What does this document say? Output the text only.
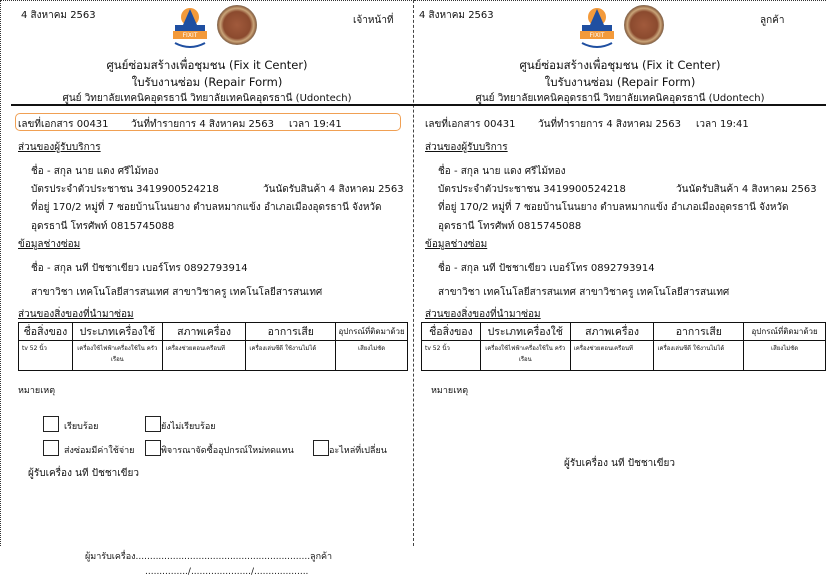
4 สิงหาคม 2563	เจ้าหน้าที่
FIXIT
ศูนย์ซ่อมสร้างเพื่อชุมชน (Fix it Center)
ใบรับงานซ่อม (Repair Form)
ศูนย์ วิทยาลัยเทคนิคอุดรธานี วิทยาลัยเทคนิคอุดรธานี (Udontech)
เลขที่เอกสาร 00431 วันที่ทำรายการ 4 สิงหาคม 2563 เวลา 19:41
ส่วนของผู้รับบริการ
ชื่อ - สกุล นาย แดง ศรีไม้ทอง
บัตรประจำตัวประชาชน 3419900524218	วันนัดรับสินค้า 4 สิงหาคม 2563
ที่อยู่ 170/2 หมู่ที่ 7 ซอยบ้านโนนยาง ตำบลหมากแข้ง อำเภอเมืองอุดรธานี จังหวัด
อุดรธานี โทรศัพท์ 0815745088
ข้อมูลช่างซ่อม
ชื่อ - สกุล นที ปัชชาเขียว เบอร์โทร 0892793914
สาขาวิชา เทคโนโลยีสารสนเทศ สาขาวิชาครู เทคโนโลยีสารสนเทศ
ส่วนของสิ่งของที่นำมาซ่อม
ชื่อสิ่งของ	ประเภทเครื่องใช้	สภาพเครื่อง	อาการเสีย	อุปกรณ์ที่ติดมาด้วย
tv 52 นิ้ว	เครื่องใช้ไฟฟ้าเครื่องใช้ใน ครัวเรือน	เครื่องช่วยตอนเครือนที	เครื่องเล่นซีดี ใช้งานไม่ได้	เสียงไม่ชัด
หมายเหตุ
เรียบร้อย	ยังไม่เรียบร้อย
ส่งซ่อมมีค่าใช้จ่าย	พิจารณาจัดซื้ออุปกรณ์ใหม่ทดแทน	อะไหล่ที่เปลี่ยน
ผู้รับเครื่อง นที ปัชชาเขียว
ผู้มารับเครื่อง.............................................................ลูกค้า
.............../...................../...................
4 สิงหาคม 2563	ลูกค้า
FIXIT
ศูนย์ซ่อมสร้างเพื่อชุมชน (Fix it Center)
ใบรับงานซ่อม (Repair Form)
ศูนย์ วิทยาลัยเทคนิคอุดรธานี วิทยาลัยเทคนิคอุดรธานี (Udontech)
เลขที่เอกสาร 00431 วันที่ทำรายการ 4 สิงหาคม 2563 เวลา 19:41
ส่วนของผู้รับบริการ
ชื่อ - สกุล นาย แดง ศรีไม้ทอง
บัตรประจำตัวประชาชน 3419900524218	วันนัดรับสินค้า 4 สิงหาคม 2563
ที่อยู่ 170/2 หมู่ที่ 7 ซอยบ้านโนนยาง ตำบลหมากแข้ง อำเภอเมืองอุดรธานี จังหวัด
อุดรธานี โทรศัพท์ 0815745088
ข้อมูลช่างซ่อม
ชื่อ - สกุล นที ปัชชาเขียว เบอร์โทร 0892793914
สาขาวิชา เทคโนโลยีสารสนเทศ สาขาวิชาครู เทคโนโลยีสารสนเทศ
ส่วนของสิ่งของที่นำมาซ่อม
ชื่อสิ่งของ	ประเภทเครื่องใช้	สภาพเครื่อง	อาการเสีย	อุปกรณ์ที่ติดมาด้วย
tv 52 นิ้ว	เครื่องใช้ไฟฟ้าเครื่องใช้ใน ครัวเรือน	เครื่องช่วยตอนเครือนที	เครื่องเล่นซีดี ใช้งานไม่ได้	เสียงไม่ชัด
หมายเหตุ
ผู้รับเครื่อง นที ปัชชาเขียว
